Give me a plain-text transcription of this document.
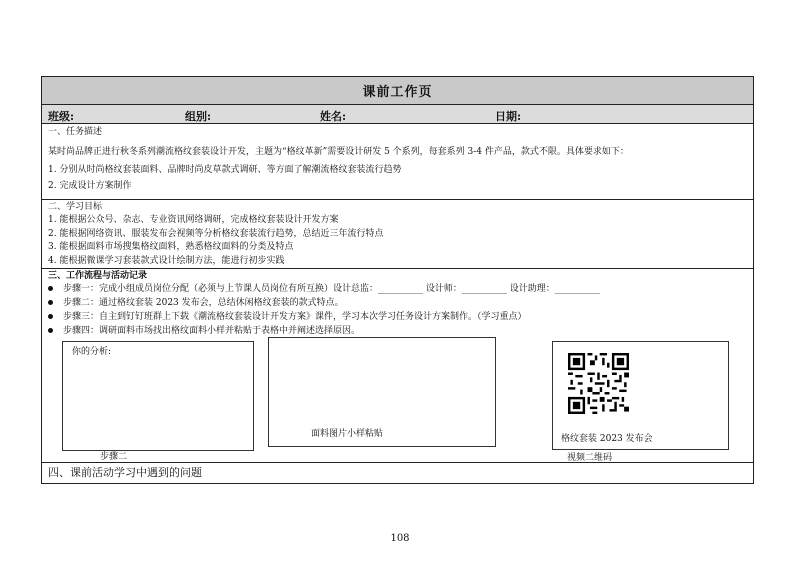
课前工作页
班级:	组别:	姓名:	日期:
一、任务描述
某时尚品牌正进行秋冬系列潮流格纹套装设计开发，主题为“格纹革新”需要设计研发 5 个系列，每套系列 3-4 件产品，款式不限。具体要求如下：
1. 分别从时尚格纹套装面料、品牌时尚皮草款式调研、等方面了解潮流格纹套装流行趋势
2. 完成设计方案制作
二、学习目标
1. 能根据公众号、杂志、专业资讯网络调研，完成格纹套装设计开发方案
2. 能根据网络资讯、服装发布会视频等分析格纹套装流行趋势，总结近三年流行特点
3. 能根据面料市场搜集格纹面料，熟悉格纹面料的分类及特点
4. 能根据微课学习套装款式设计绘制方法，能进行初步实践
三、工作流程与活动记录
步骤一：完成小组成员岗位分配（必须与上节课人员岗位有所互换）设计总监：__________ 设计师：__________ 设计助理：__________
步骤二：通过格纹套装 2023 发布会，总结休闲格纹套装的款式特点。
步骤三：自主到钉钉班群上下载《潮流格纹套装设计开发方案》课件，学习本次学习任务设计方案制作。（学习重点）
步骤四：调研面料市场找出格纹面料小样并粘贴于表格中并阐述选择原因。
你的分析:
步骤二
面料图片小样粘贴	格纹套装 2023 发布会
视频二维码
四、课前活动学习中遇到的问题
108
